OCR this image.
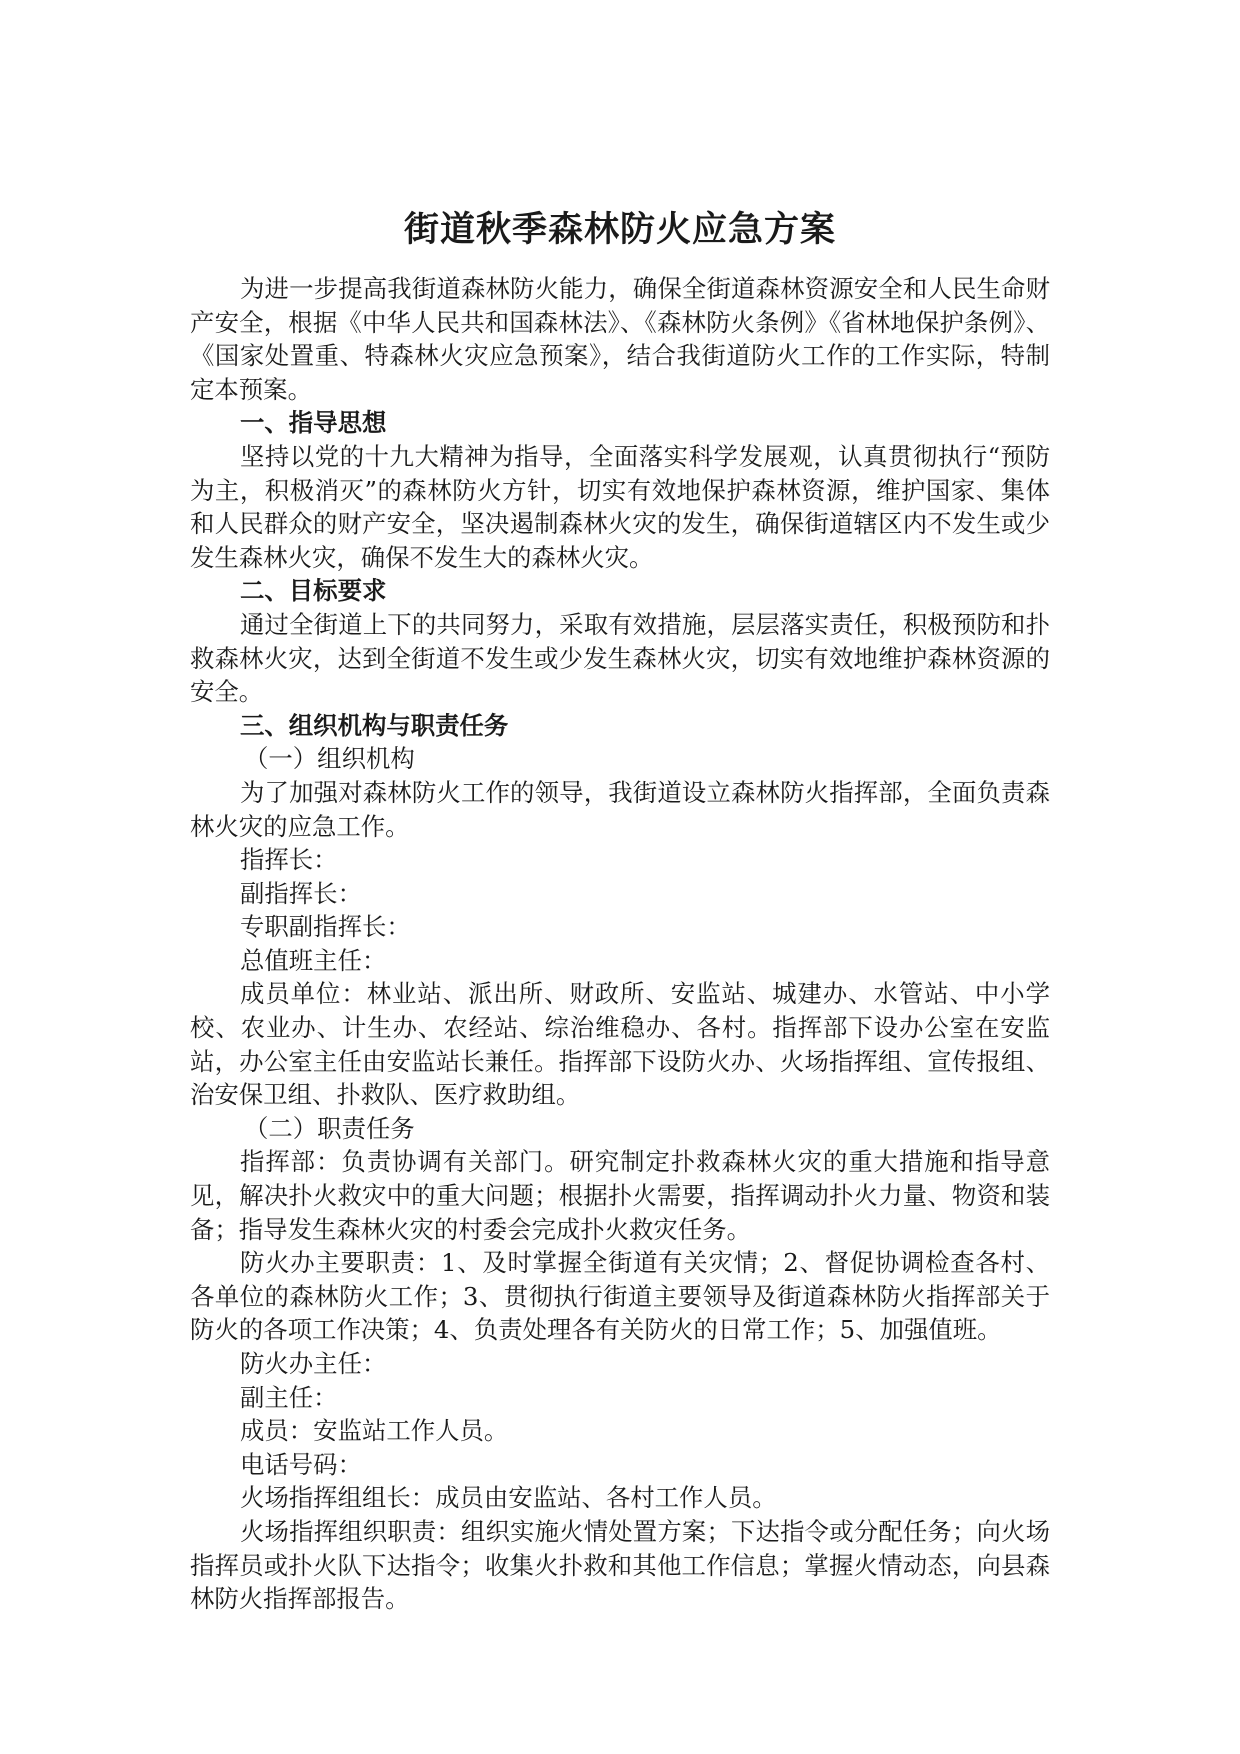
街道秋季森林防火应急方案

为进一步提高我街道森林防火能力，确保全街道森林资源安全和人民生命财产安全，根据《中华人民共和国森林法》、《森林防火条例》《省林地保护条例》、《国家处置重、特森林火灾应急预案》，结合我街道防火工作的工作实际，特制定本预案。

一、指导思想

坚持以党的十九大精神为指导，全面落实科学发展观，认真贯彻执行“预防为主，积极消灭”的森林防火方针，切实有效地保护森林资源，维护国家、集体和人民群众的财产安全，坚决遏制森林火灾的发生，确保街道辖区内不发生或少发生森林火灾，确保不发生大的森林火灾。

二、目标要求

通过全街道上下的共同努力，采取有效措施，层层落实责任，积极预防和扑救森林火灾，达到全街道不发生或少发生森林火灾，切实有效地维护森林资源的安全。

三、组织机构与职责任务

（一）组织机构

为了加强对森林防火工作的领导，我街道设立森林防火指挥部，全面负责森林火灾的应急工作。

指挥长：

副指挥长：

专职副指挥长：

总值班主任：

成员单位：林业站、派出所、财政所、安监站、城建办、水管站、中小学校、农业办、计生办、农经站、综治维稳办、各村。指挥部下设办公室在安监站，办公室主任由安监站长兼任。指挥部下设防火办、火场指挥组、宣传报组、治安保卫组、扑救队、医疗救助组。

（二）职责任务

指挥部：负责协调有关部门。研究制定扑救森林火灾的重大措施和指导意见，解决扑火救灾中的重大问题；根据扑火需要，指挥调动扑火力量、物资和装备；指导发生森林火灾的村委会完成扑火救灾任务。

防火办主要职责：1、及时掌握全街道有关灾情；2、督促协调检查各村、各单位的森林防火工作；3、贯彻执行街道主要领导及街道森林防火指挥部关于防火的各项工作决策；4、负责处理各有关防火的日常工作；5、加强值班。

防火办主任：

副主任：

成员：安监站工作人员。

电话号码：

火场指挥组组长：成员由安监站、各村工作人员。

火场指挥组织职责：组织实施火情处置方案；下达指令或分配任务；向火场指挥员或扑火队下达指令；收集火扑救和其他工作信息；掌握火情动态，向县森林防火指挥部报告。
